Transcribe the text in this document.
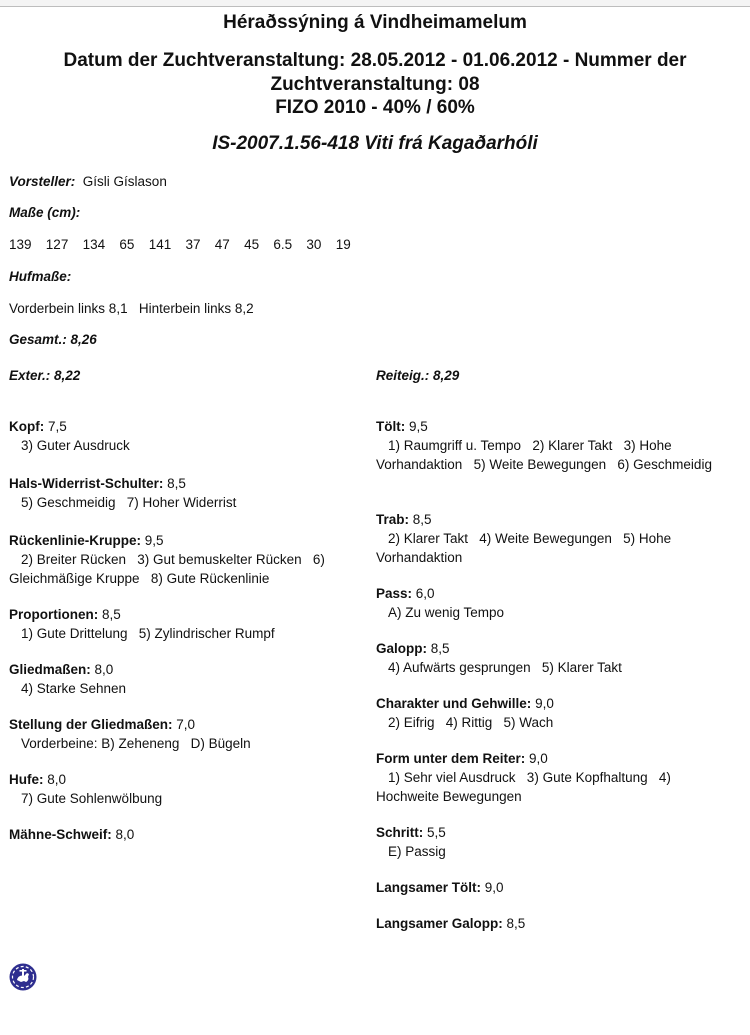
Héraðssýning á Vindheimamelum
Datum der Zuchtveranstaltung: 28.05.2012 - 01.06.2012 - Nummer der Zuchtveranstaltung: 08
FIZO 2010 - 40% / 60%
IS-2007.1.56-418 Viti frá Kagaðarhóli
Vorsteller: Gísli Gíslason
Maße (cm):
139 127 134 65 141 37 47 45 6.5 30 19
Hufmaße:
Vorderbein links 8,1   Hinterbein links 8,2
Gesamt.: 8,26
Exter.: 8,22	Reiteig.: 8,29
Kopf: 7,5
3) Guter Ausdruck
Hals-Widerrist-Schulter: 8,5
5) Geschmeidig   7) Hoher Widerrist
Rückenlinie-Kruppe: 9,5
2) Breiter Rücken   3) Gut bemuskelter Rücken   6) Gleichmäßige Kruppe   8) Gute Rückenlinie
Proportionen: 8,5
1) Gute Drittelung   5) Zylindrischer Rumpf
Gliedmaßen: 8,0
4) Starke Sehnen
Stellung der Gliedmaßen: 7,0
Vorderbeine: B) Zeheneng   D) Bügeln
Hufe: 8,0
7) Gute Sohlenwölbung
Mähne-Schweif: 8,0
Tölt: 9,5
1) Raumgriff u. Tempo   2) Klarer Takt   3) Hohe Vorhandaktion   5) Weite Bewegungen   6) Geschmeidig
Trab: 8,5
2) Klarer Takt   4) Weite Bewegungen   5) Hohe Vorhandaktion
Pass: 6,0
A) Zu wenig Tempo
Galopp: 8,5
4) Aufwärts gesprungen   5) Klarer Takt
Charakter und Gehwille: 9,0
2) Eifrig   4) Rittig   5) Wach
Form unter dem Reiter: 9,0
1) Sehr viel Ausdruck   3) Gute Kopfhaltung   4) Hochweite Bewegungen
Schritt: 5,5
E) Passig
Langsamer Tölt: 9,0
Langsamer Galopp: 8,5
